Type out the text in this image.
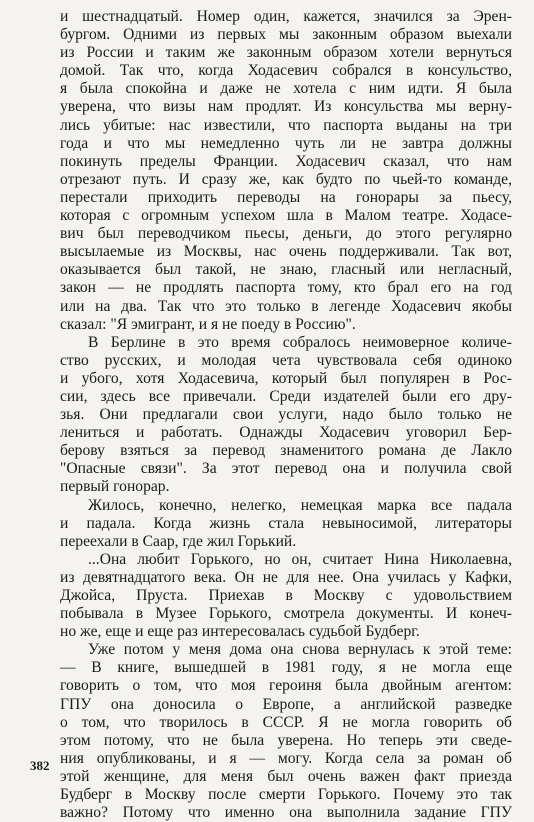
и шестнадцатый. Номер один, кажется, значился за Эрен-
бургом. Одними из первых мы законным образом выехали
из России и таким же законным образом хотели вернуться
домой. Так что, когда Ходасевич собрался в консульство,
я была спокойна и даже не хотела с ним идти. Я была
уверена, что визы нам продлят. Из консульства мы верну-
лись убитые: нас известили, что паспорта выданы на три
года и что мы немедленно чуть ли не завтра должны
покинуть пределы Франции. Ходасевич сказал, что нам
отрезают путь. И сразу же, как будто по чьей-то команде,
перестали приходить переводы на гонорары за пьесу,
которая с огромным успехом шла в Малом театре. Ходасе-
вич был переводчиком пьесы, деньги, до этого регулярно
высылаемые из Москвы, нас очень поддерживали. Так вот,
оказывается был такой, не знаю, гласный или негласный,
закон — не продлять паспорта тому, кто брал его на год
или на два. Так что это только в легенде Ходасевич якобы
сказал: "Я эмигрант, и я не поеду в Россию".
В Берлине в это время собралось неимоверное количе-
ство русских, и молодая чета чувствовала себя одиноко
и убого, хотя Ходасевича, который был популярен в Рос-
сии, здесь все привечали. Среди издателей были его дру-
зья. Они предлагали свои услуги, надо было только не
лениться и работать. Однажды Ходасевич уговорил Бер-
берову взяться за перевод знаменитого романа де Лакло
"Опасные связи". За этот перевод она и получила свой
первый гонорар.
Жилось, конечно, нелегко, немецкая марка все падала
и падала. Когда жизнь стала невыносимой, литераторы
переехали в Саар, где жил Горький.
...Она любит Горького, но он, считает Нина Николаевна,
из девятнадцатого века. Он не для нее. Она училась у Кафки,
Джойса, Пруста. Приехав в Москву с удовольствием
побывала в Музее Горького, смотрела документы. И конеч-
но же, еще и еще раз интересовалась судьбой Будберг.
Уже потом у меня дома она снова вернулась к этой теме:
— В книге, вышедшей в 1981 году, я не могла еще
говорить о том, что моя героиня была двойным агентом:
ГПУ она доносила о Европе, а английской разведке
о том, что творилось в СССР. Я не могла говорить об
этом потому, что не была уверена. Но теперь эти сведе-
ния опубликованы, и я — могу. Когда села за роман об
этой женщине, для меня был очень важен факт приезда
Будберг в Москву после смерти Горького. Почему это так
важно? Потому что именно она выполнила задание ГПУ
382
